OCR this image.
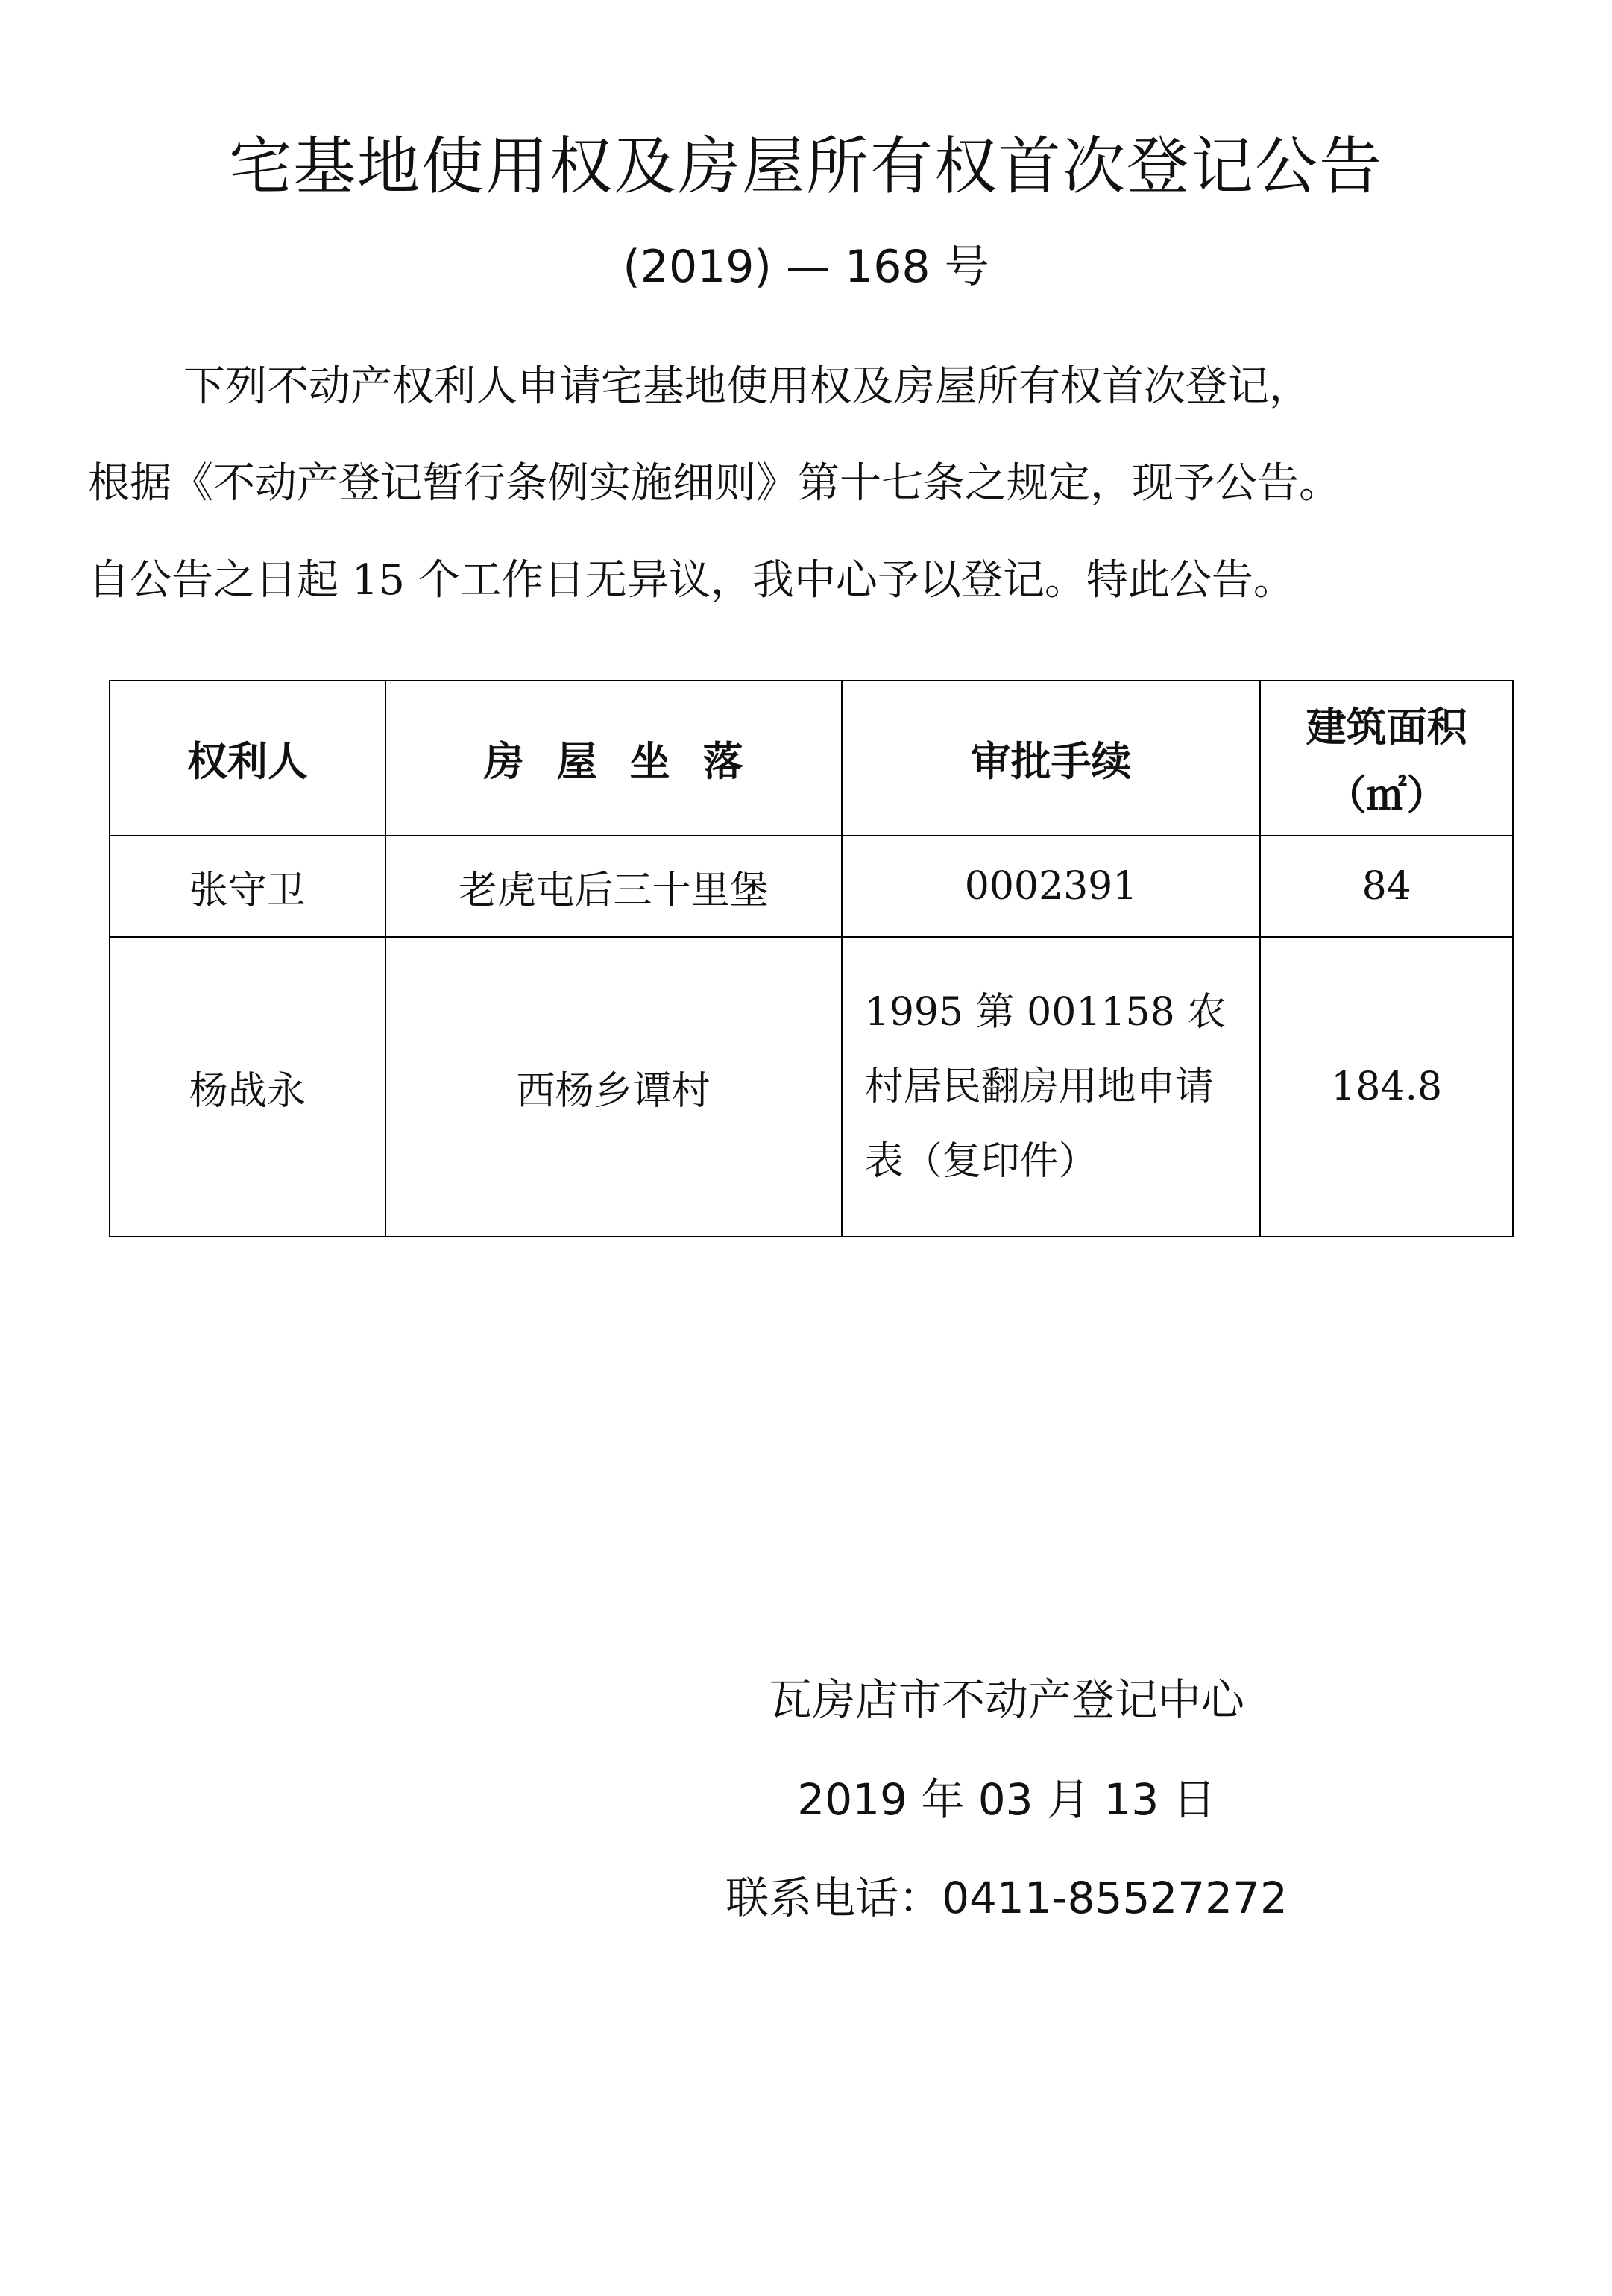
宅基地使用权及房屋所有权首次登记公告
(2019) — 168 号

下列不动产权利人申请宅基地使用权及房屋所有权首次登记，

根据《不动产登记暂行条例实施细则》第十七条之规定，现予公告。

自公告之日起 15 个工作日无异议，我中心予以登记。特此公告。

权利人	房屋坐落	审批手续	建筑面积
（㎡）

张守卫	老虎屯后三十里堡	0002391	84
杨战永	西杨乡谭村	1995 第 001158 农村居民翻房用地申请表（复印件）	184.8
瓦房店市不动产登记中心
2019 年 03 月 13 日
联系电话：0411-85527272
